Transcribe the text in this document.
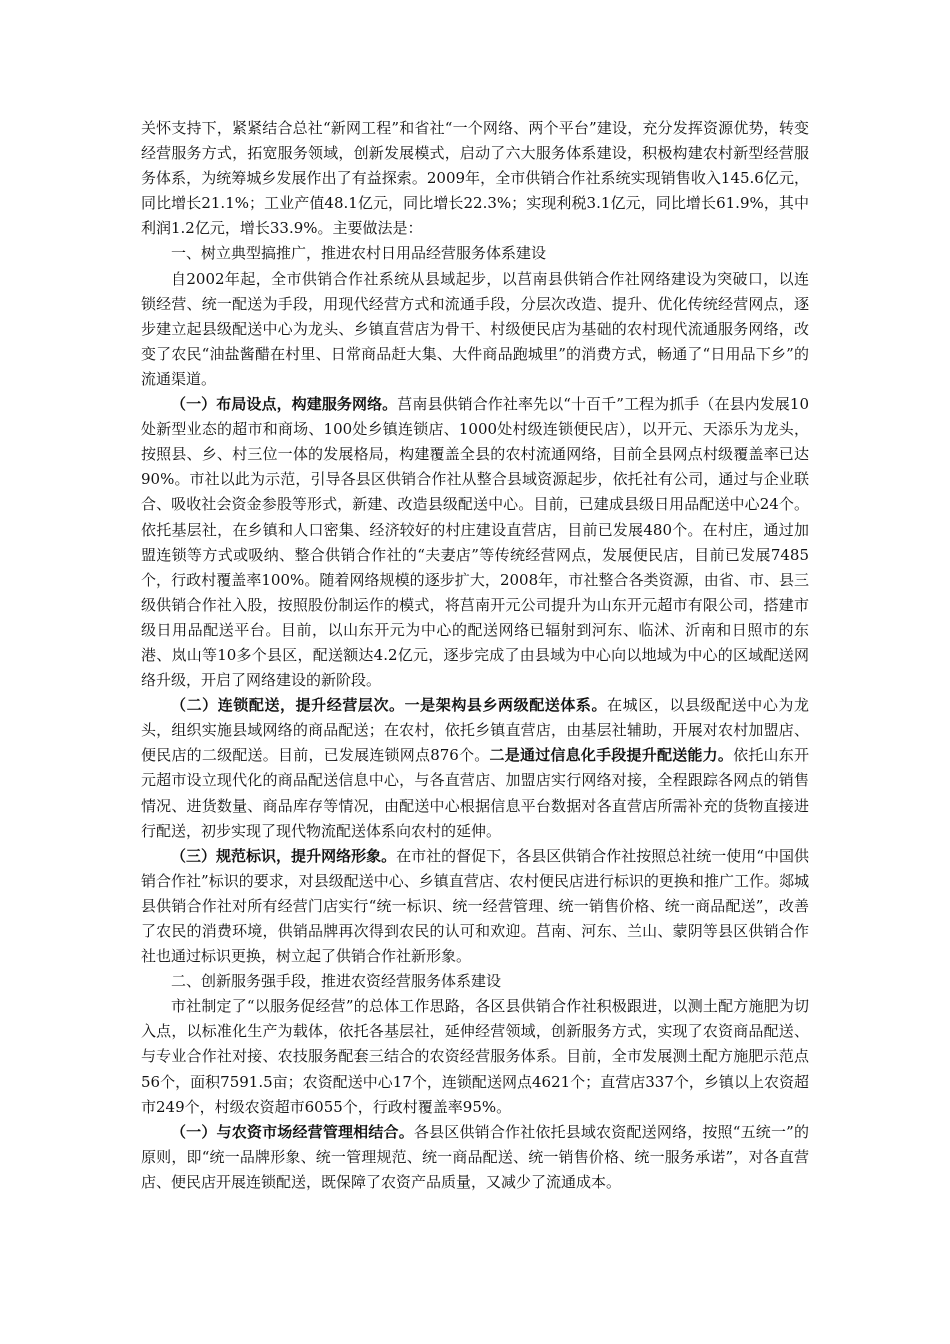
关怀支持下，紧紧结合总社“新网工程”和省社“一个网络、两个平台”建设，充分发挥资源优势，转变经营服务方式，拓宽服务领域，创新发展模式，启动了六大服务体系建设，积极构建农村新型经营服务体系，为统筹城乡发展作出了有益探索。2009年，全市供销合作社系统实现销售收入145.6亿元，同比增长21.1%；工业产值48.1亿元，同比增长22.3%；实现利税3.1亿元，同比增长61.9%，其中利润1.2亿元，增长33.9%。主要做法是：

一、树立典型搞推广，推进农村日用品经营服务体系建设

自2002年起，全市供销合作社系统从县域起步，以莒南县供销合作社网络建设为突破口，以连锁经营、统一配送为手段，用现代经营方式和流通手段，分层次改造、提升、优化传统经营网点，逐步建立起县级配送中心为龙头、乡镇直营店为骨干、村级便民店为基础的农村现代流通服务网络，改变了农民“油盐酱醋在村里、日常商品赶大集、大件商品跑城里”的消费方式，畅通了“日用品下乡”的流通渠道。

（一）布局设点，构建服务网络。莒南县供销合作社率先以“十百千”工程为抓手（在县内发展10处新型业态的超市和商场、100处乡镇连锁店、1000处村级连锁便民店），以开元、天添乐为龙头，按照县、乡、村三位一体的发展格局，构建覆盖全县的农村流通网络，目前全县网点村级覆盖率已达90%。市社以此为示范，引导各县区供销合作社从整合县域资源起步，依托社有公司，通过与企业联合、吸收社会资金参股等形式，新建、改造县级配送中心。目前，已建成县级日用品配送中心24个。依托基层社，在乡镇和人口密集、经济较好的村庄建设直营店，目前已发展480个。在村庄，通过加盟连锁等方式或吸纳、整合供销合作社的“夫妻店”等传统经营网点，发展便民店，目前已发展7485个，行政村覆盖率100%。随着网络规模的逐步扩大，2008年，市社整合各类资源，由省、市、县三级供销合作社入股，按照股份制运作的模式，将莒南开元公司提升为山东开元超市有限公司，搭建市级日用品配送平台。目前，以山东开元为中心的配送网络已辐射到河东、临沭、沂南和日照市的东港、岚山等10多个县区，配送额达4.2亿元，逐步完成了由县域为中心向以地域为中心的区域配送网络升级，开启了网络建设的新阶段。

（二）连锁配送，提升经营层次。一是架构县乡两级配送体系。在城区，以县级配送中心为龙头，组织实施县域网络的商品配送；在农村，依托乡镇直营店，由基层社辅助，开展对农村加盟店、便民店的二级配送。目前，已发展连锁网点876个。二是通过信息化手段提升配送能力。依托山东开元超市设立现代化的商品配送信息中心，与各直营店、加盟店实行网络对接，全程跟踪各网点的销售情况、进货数量、商品库存等情况，由配送中心根据信息平台数据对各直营店所需补充的货物直接进行配送，初步实现了现代物流配送体系向农村的延伸。

（三）规范标识，提升网络形象。在市社的督促下，各县区供销合作社按照总社统一使用“中国供销合作社”标识的要求，对县级配送中心、乡镇直营店、农村便民店进行标识的更换和推广工作。郯城县供销合作社对所有经营门店实行“统一标识、统一经营管理、统一销售价格、统一商品配送”，改善了农民的消费环境，供销品牌再次得到农民的认可和欢迎。莒南、河东、兰山、蒙阴等县区供销合作社也通过标识更换，树立起了供销合作社新形象。

二、创新服务强手段，推进农资经营服务体系建设

市社制定了“以服务促经营”的总体工作思路，各区县供销合作社积极跟进，以测土配方施肥为切入点，以标准化生产为载体，依托各基层社，延伸经营领域，创新服务方式，实现了农资商品配送、与专业合作社对接、农技服务配套三结合的农资经营服务体系。目前，全市发展测土配方施肥示范点56个，面积7591.5亩；农资配送中心17个，连锁配送网点4621个；直营店337个，乡镇以上农资超市249个，村级农资超市6055个，行政村覆盖率95%。

（一）与农资市场经营管理相结合。各县区供销合作社依托县域农资配送网络，按照“五统一”的原则，即“统一品牌形象、统一管理规范、统一商品配送、统一销售价格、统一服务承诺”，对各直营店、便民店开展连锁配送，既保障了农资产品质量，又减少了流通成本。
